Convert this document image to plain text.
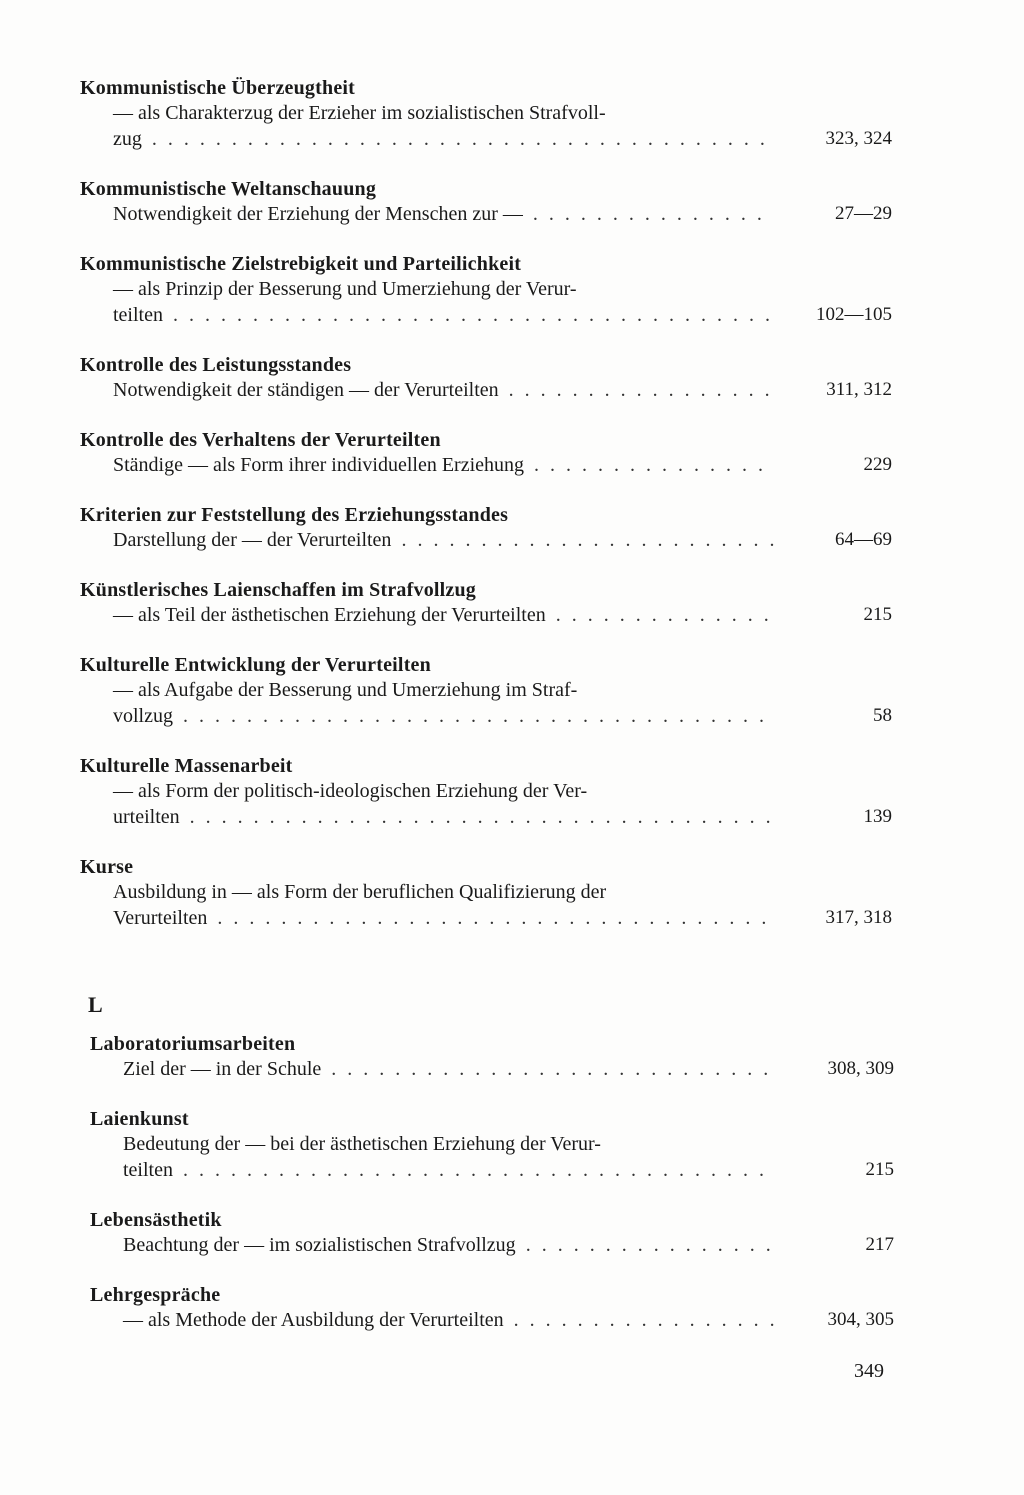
Kommunistische Überzeugtheit
— als Charakterzug der Erzieher im sozialistischen Strafvoll-
zug . . .	323, 324
Kommunistische Weltanschauung
Notwendigkeit der Erziehung der Menschen zur — . . .	27—29
Kommunistische Zielstrebigkeit und Parteilichkeit
— als Prinzip der Besserung und Umerziehung der Verur-
teilten . . .	102—105
Kontrolle des Leistungsstandes
Notwendigkeit der ständigen — der Verurteilten . . .	311, 312
Kontrolle des Verhaltens der Verurteilten
Ständige — als Form ihrer individuellen Erziehung . . .	229
Kriterien zur Feststellung des Erziehungsstandes
Darstellung der — der Verurteilten . . .	64—69
Künstlerisches Laienschaffen im Strafvollzug
— als Teil der ästhetischen Erziehung der Verurteilten . . .	215
Kulturelle Entwicklung der Verurteilten
— als Aufgabe der Besserung und Umerziehung im Straf-
vollzug . . .	58
Kulturelle Massenarbeit
— als Form der politisch-ideologischen Erziehung der Ver-
urteilten . . .	139
Kurse
Ausbildung in — als Form der beruflichen Qualifizierung der
Verurteilten . . .	317, 318
L
Laboratoriumsarbeiten
Ziel der — in der Schule . . .	308, 309
Laienkunst
Bedeutung der — bei der ästhetischen Erziehung der Verur-
teilten . . .	215
Lebensästhetik
Beachtung der — im sozialistischen Strafvollzug . . .	217
Lehrgespräche
— als Methode der Ausbildung der Verurteilten . . .	304, 305
349
